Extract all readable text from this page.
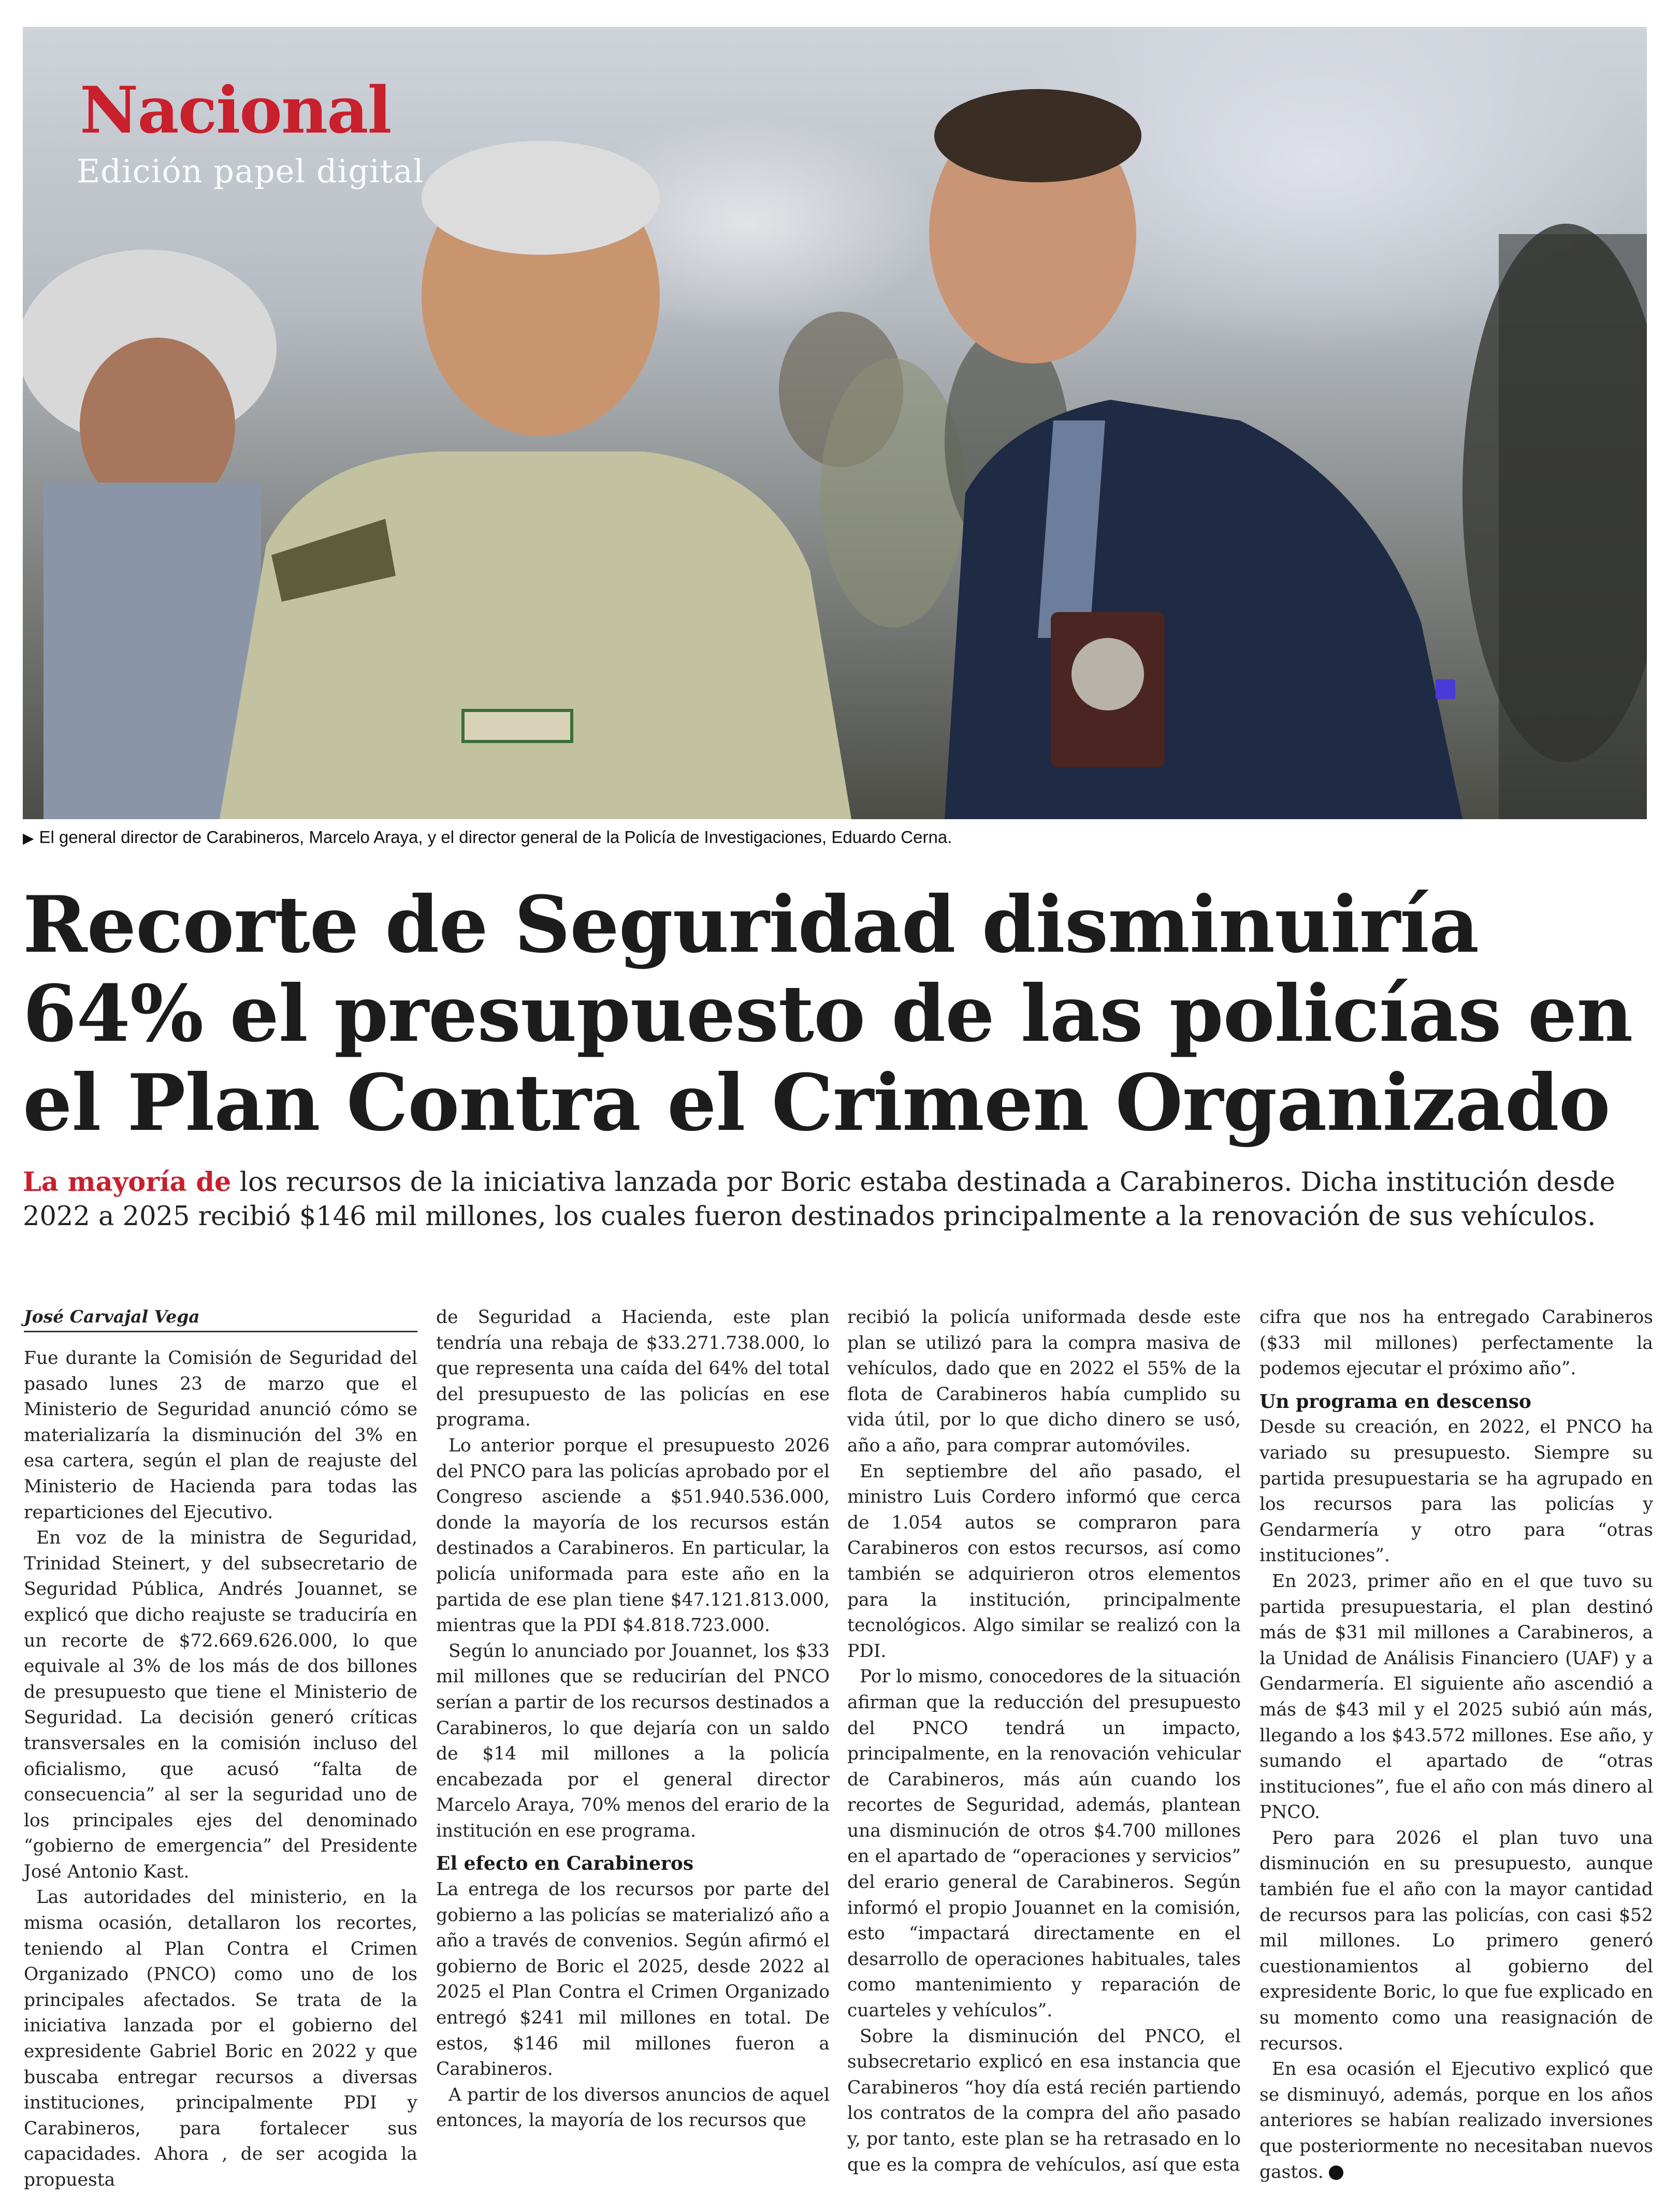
Nacional
Edición papel digital
▶ El general director de Carabineros, Marcelo Araya, y el director general de la Policía de Investigaciones, Eduardo Cerna.
Recorte de Seguridad disminuiría
64% el presupuesto de las policías en
el Plan Contra el Crimen Organizado
La mayoría de los recursos de la iniciativa lanzada por Boric estaba destinada a Carabineros. Dicha institución desde
2022 a 2025 recibió $146 mil millones, los cuales fueron destinados principalmente a la renovación de sus vehículos.
José Carvajal Vega

Fue durante la Comisión de Seguridad del pasado lunes 23 de marzo que el Ministerio de Seguridad anunció cómo se materializaría la disminución del 3% en esa cartera, según el plan de reajuste del Ministerio de Hacienda para todas las reparticiones del Ejecutivo.

En voz de la ministra de Seguridad, Trinidad Steinert, y del subsecretario de Seguridad Pública, Andrés Jouannet, se explicó que dicho reajuste se traduciría en un recorte de $72.669.626.000, lo que equivale al 3% de los más de dos billones de presupuesto que tiene el Ministerio de Seguridad. La decisión generó críticas transversales en la comisión incluso del oficialismo, que acusó “falta de consecuencia” al ser la seguridad uno de los principales ejes del denominado “gobierno de emergencia” del Presidente José Antonio Kast.

Las autoridades del ministerio, en la misma ocasión, detallaron los recortes, teniendo al Plan Contra el Crimen Organizado (PNCO) como uno de los principales afectados. Se trata de la iniciativa lanzada por el gobierno del expresidente Gabriel Boric en 2022 y que buscaba entregar recursos a diversas instituciones, principalmente PDI y Carabineros, para fortalecer sus capacidades. Ahora , de ser acogida la propuesta

de Seguridad a Hacienda, este plan tendría una rebaja de $33.271.738.000, lo que representa una caída del 64% del total del presupuesto de las policías en ese programa.

Lo anterior porque el presupuesto 2026 del PNCO para las policías aprobado por el Congreso asciende a $51.940.536.000, donde la mayoría de los recursos están destinados a Carabineros. En particular, la policía uniformada para este año en la partida de ese plan tiene $47.121.813.000, mientras que la PDI $4.818.723.000.

Según lo anunciado por Jouannet, los $33 mil millones que se reducirían del PNCO serían a partir de los recursos destinados a Carabineros, lo que dejaría con un saldo de $14 mil millones a la policía encabezada por el general director Marcelo Araya, 70% menos del erario de la institución en ese programa.

El efecto en Carabineros

La entrega de los recursos por parte del gobierno a las policías se materializó año a año a través de convenios. Según afirmó el gobierno de Boric el 2025, desde 2022 al 2025 el Plan Contra el Crimen Organizado entregó $241 mil millones en total. De estos, $146 mil millones fueron a Carabineros.

A partir de los diversos anuncios de aquel entonces, la mayoría de los recursos que

recibió la policía uniformada desde este plan se utilizó para la compra masiva de vehículos, dado que en 2022 el 55% de la flota de Carabineros había cumplido su vida útil, por lo que dicho dinero se usó, año a año, para comprar automóviles.

En septiembre del año pasado, el ministro Luis Cordero informó que cerca de 1.054 autos se compraron para Carabineros con estos recursos, así como también se adquirieron otros elementos para la institución, principalmente tecnológicos. Algo similar se realizó con la PDI.

Por lo mismo, conocedores de la situación afirman que la reducción del presupuesto del PNCO tendrá un impacto, principalmente, en la renovación vehicular de Carabineros, más aún cuando los recortes de Seguridad, además, plantean una disminución de otros $4.700 millones en el apartado de “operaciones y servicios” del erario general de Carabineros. Según informó el propio Jouannet en la comisión, esto “impactará directamente en el desarrollo de operaciones habituales, tales como mantenimiento y reparación de cuarteles y vehículos”.

Sobre la disminución del PNCO, el subsecretario explicó en esa instancia que Carabineros “hoy día está recién partiendo los contratos de la compra del año pasado y, por tanto, este plan se ha retrasado en lo que es la compra de vehículos, así que esta

cifra que nos ha entregado Carabineros ($33 mil millones) perfectamente la podemos ejecutar el próximo año”.

Un programa en descenso

Desde su creación, en 2022, el PNCO ha variado su presupuesto. Siempre su partida presupuestaria se ha agrupado en los recursos para las policías y Gendarmería y otro para “otras instituciones”.

En 2023, primer año en el que tuvo su partida presupuestaria, el plan destinó más de $31 mil millones a Carabineros, a la Unidad de Análisis Financiero (UAF) y a Gendarmería. El siguiente año ascendió a más de $43 mil y el 2025 subió aún más, llegando a los $43.572 millones. Ese año, y sumando el apartado de “otras instituciones”, fue el año con más dinero al PNCO.

Pero para 2026 el plan tuvo una disminución en su presupuesto, aunque también fue el año con la mayor cantidad de recursos para las policías, con casi $52 mil millones. Lo primero generó cuestionamientos al gobierno del expresidente Boric, lo que fue explicado en su momento como una reasignación de recursos.

En esa ocasión el Ejecutivo explicó que se disminuyó, además, porque en los años anteriores se habían realizado inversiones que posteriormente no necesitaban nuevos gastos.
